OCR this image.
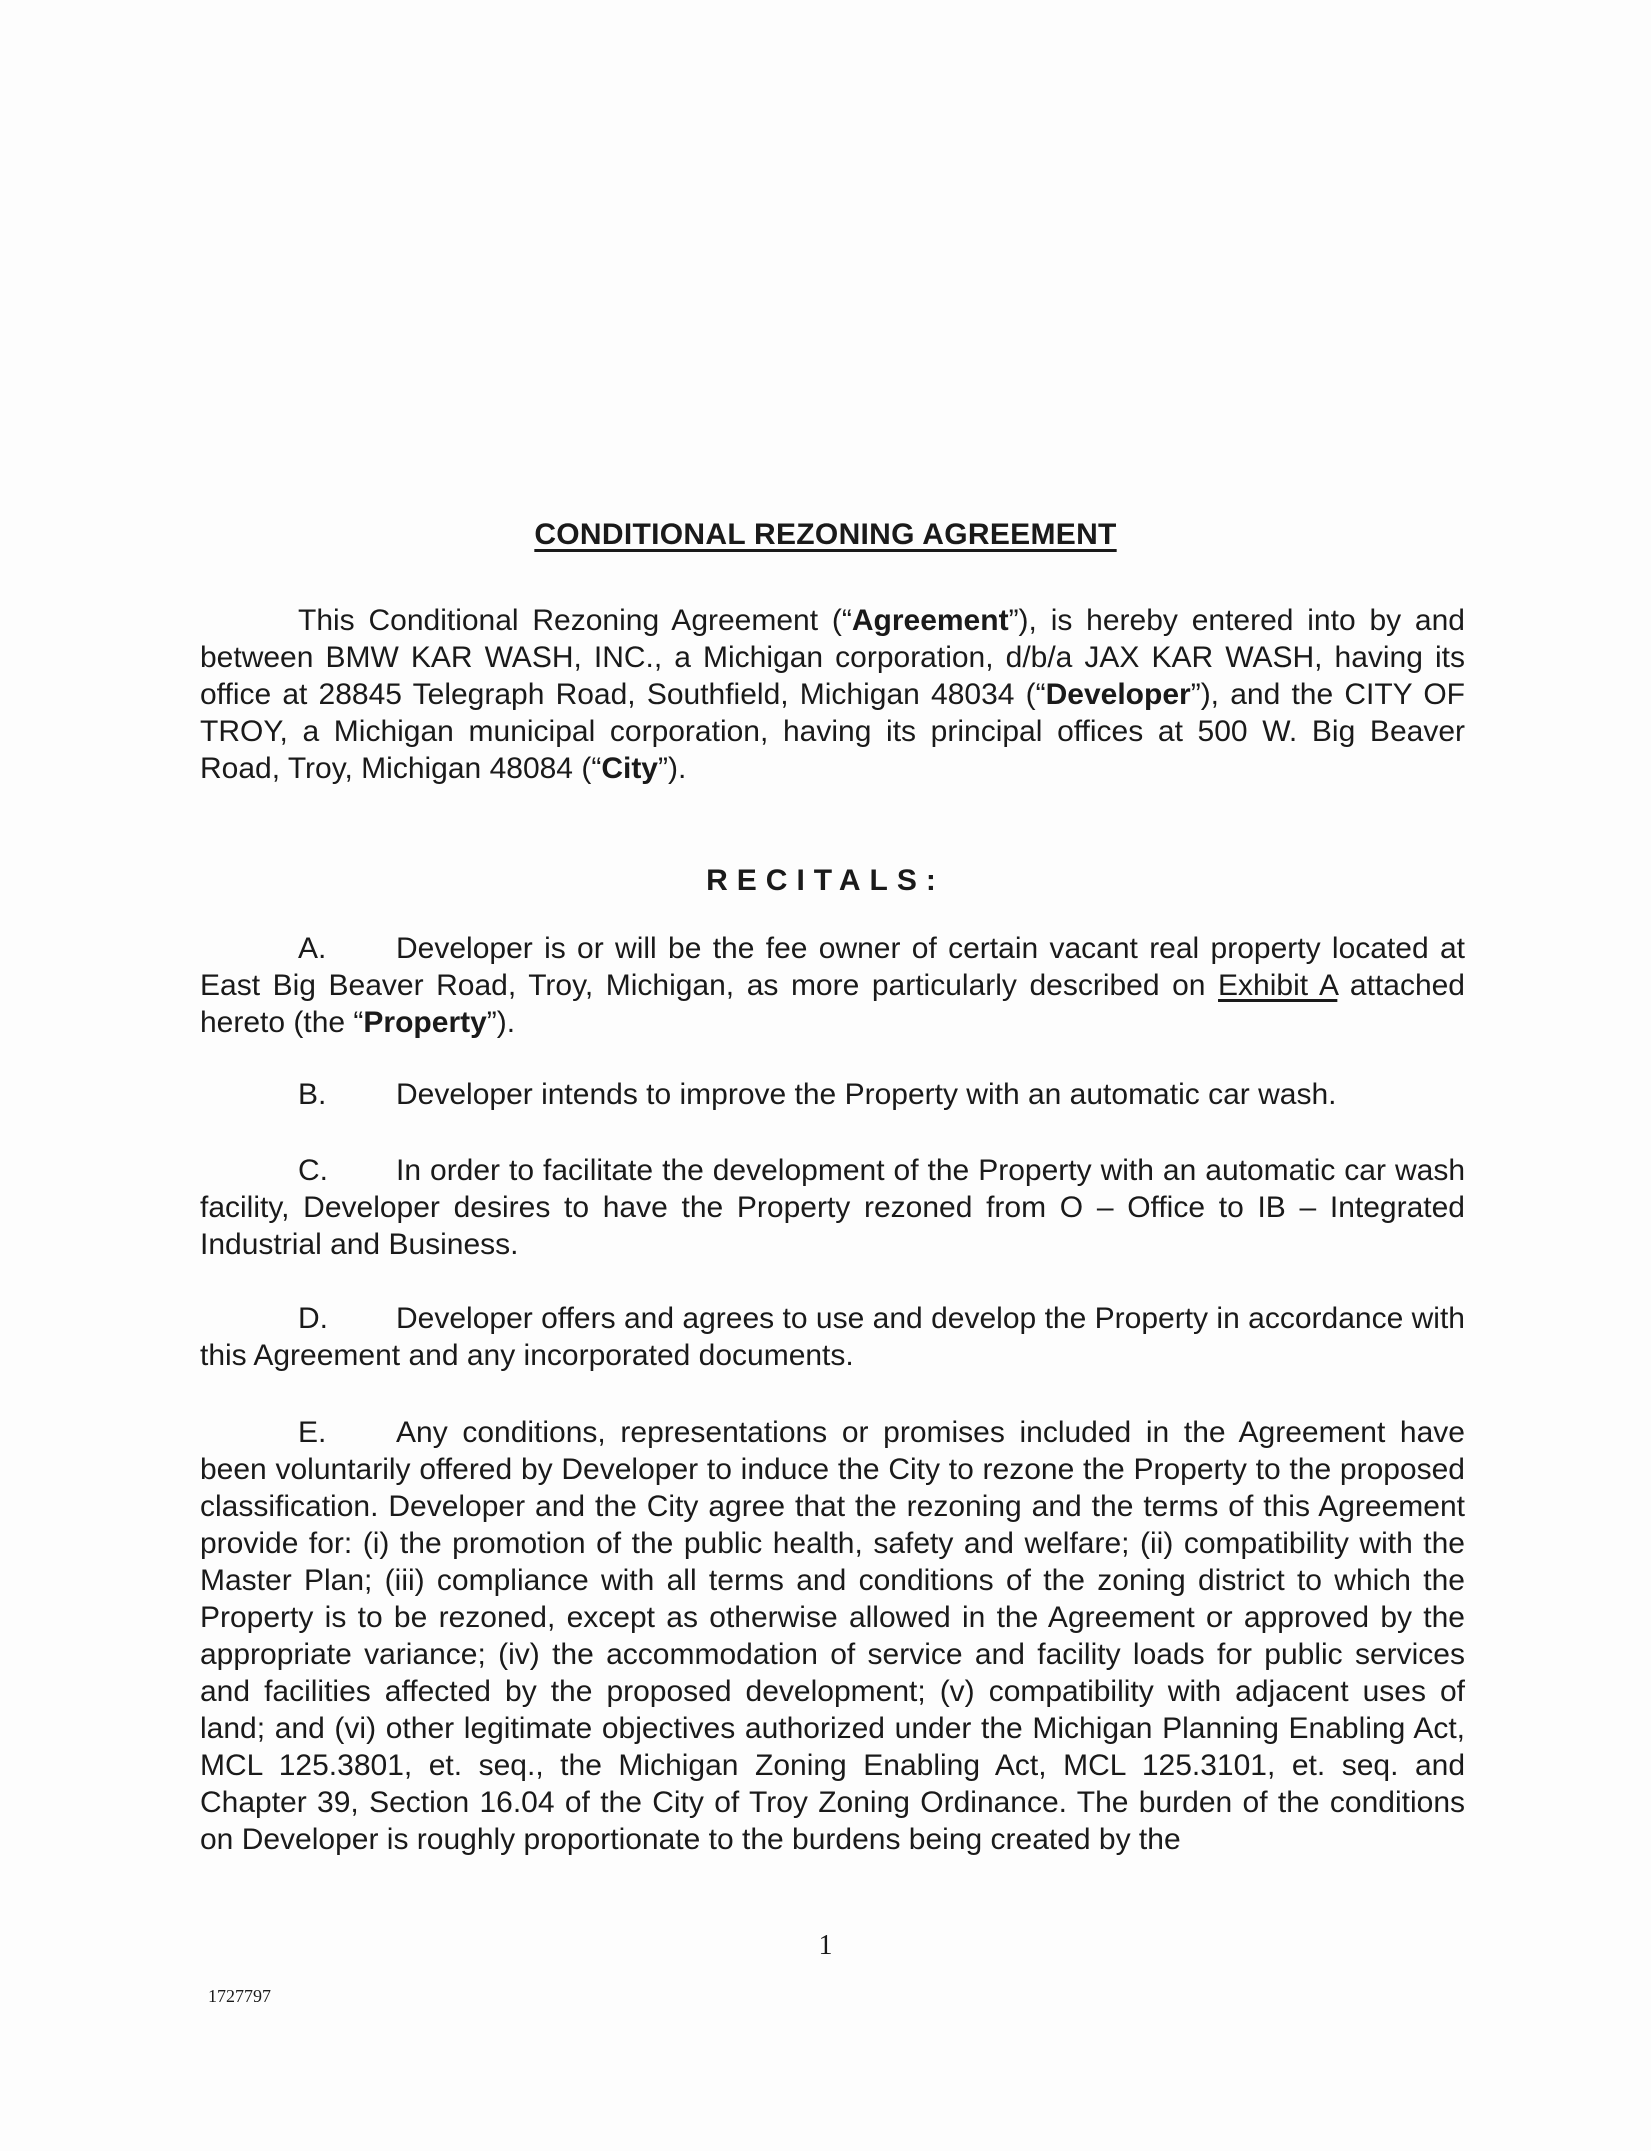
CONDITIONAL REZONING AGREEMENT

This Conditional Rezoning Agreement (“Agreement”), is hereby entered into by and between BMW KAR WASH, INC., a Michigan corporation, d/b/a JAX KAR WASH, having its office at 28845 Telegraph Road, Southfield, Michigan 48034 (“Developer”), and the CITY OF TROY, a Michigan municipal corporation, having its principal offices at 500 W. Big Beaver Road, Troy, Michigan 48084 (“City”).

RECITALS:

A. Developer is or will be the fee owner of certain vacant real property located at East Big Beaver Road, Troy, Michigan, as more particularly described on Exhibit A attached hereto (the “Property”).

B. Developer intends to improve the Property with an automatic car wash.

C. In order to facilitate the development of the Property with an automatic car wash facility, Developer desires to have the Property rezoned from O – Office to IB – Integrated Industrial and Business.

D. Developer offers and agrees to use and develop the Property in accordance with this Agreement and any incorporated documents.

E. Any conditions, representations or promises included in the Agreement have been voluntarily offered by Developer to induce the City to rezone the Property to the proposed classification. Developer and the City agree that the rezoning and the terms of this Agreement provide for: (i) the promotion of the public health, safety and welfare; (ii) compatibility with the Master Plan; (iii) compliance with all terms and conditions of the zoning district to which the Property is to be rezoned, except as otherwise allowed in the Agreement or approved by the appropriate variance; (iv) the accommodation of service and facility loads for public services and facilities affected by the proposed development; (v) compatibility with adjacent uses of land; and (vi) other legitimate objectives authorized under the Michigan Planning Enabling Act, MCL 125.3801, et. seq., the Michigan Zoning Enabling Act, MCL 125.3101, et. seq. and Chapter 39, Section 16.04 of the City of Troy Zoning Ordinance. The burden of the conditions on Developer is roughly proportionate to the burdens being created by the

1
1727797
